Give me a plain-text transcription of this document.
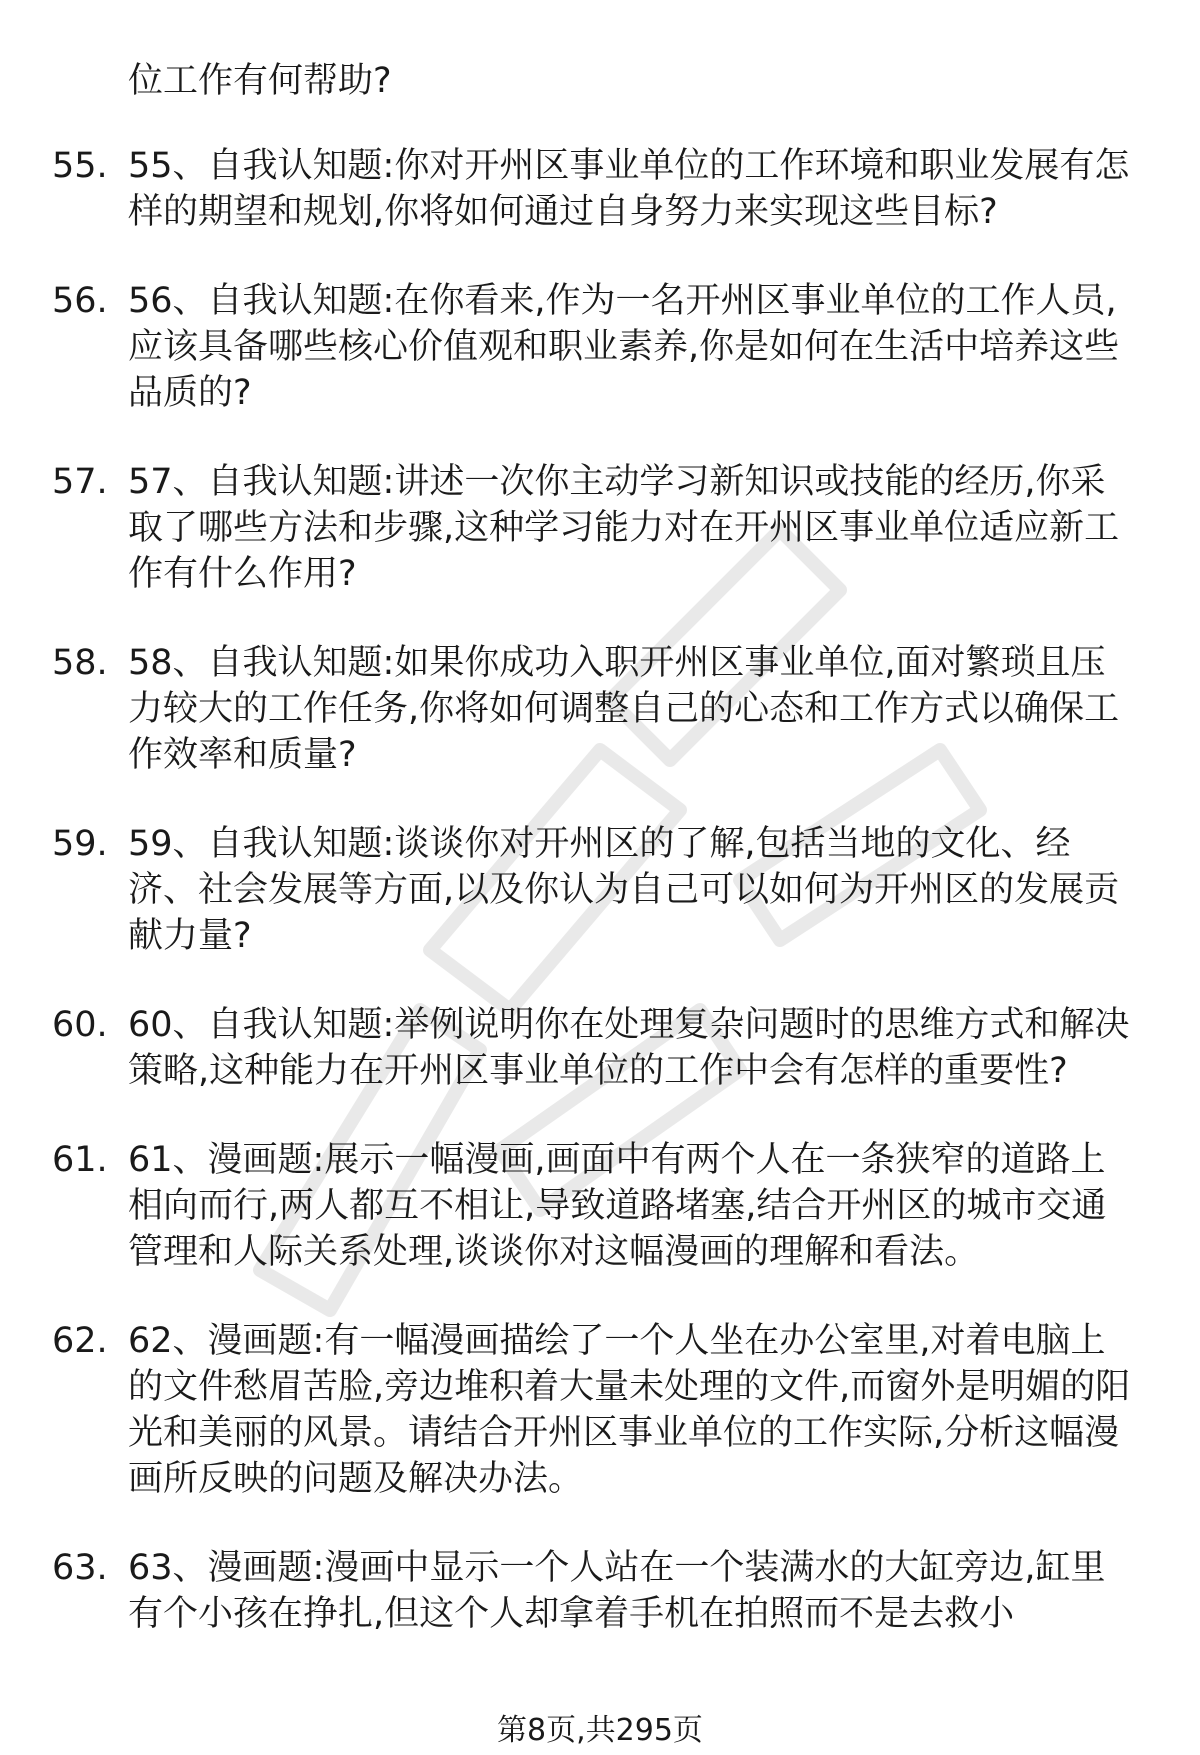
位工作有何帮助?

55. 55、自我认知题:你对开州区事业单位的工作环境和职业发展有怎样的期望和规划,你将如何通过自身努力来实现这些目标?
56. 56、自我认知题:在你看来,作为一名开州区事业单位的工作人员,应该具备哪些核心价值观和职业素养,你是如何在生活中培养这些品质的?
57. 57、自我认知题:讲述一次你主动学习新知识或技能的经历,你采取了哪些方法和步骤,这种学习能力对在开州区事业单位适应新工作有什么作用?
58. 58、自我认知题:如果你成功入职开州区事业单位,面对繁琐且压力较大的工作任务,你将如何调整自己的心态和工作方式以确保工作效率和质量?
59. 59、自我认知题:谈谈你对开州区的了解,包括当地的文化、经济、社会发展等方面,以及你认为自己可以如何为开州区的发展贡献力量?
60. 60、自我认知题:举例说明你在处理复杂问题时的思维方式和解决策略,这种能力在开州区事业单位的工作中会有怎样的重要性?
61. 61、漫画题:展示一幅漫画,画面中有两个人在一条狭窄的道路上相向而行,两人都互不相让,导致道路堵塞,结合开州区的城市交通管理和人际关系处理,谈谈你对这幅漫画的理解和看法。
62. 62、漫画题:有一幅漫画描绘了一个人坐在办公室里,对着电脑上的文件愁眉苦脸,旁边堆积着大量未处理的文件,而窗外是明媚的阳光和美丽的风景。请结合开州区事业单位的工作实际,分析这幅漫画所反映的问题及解决办法。
63. 63、漫画题:漫画中显示一个人站在一个装满水的大缸旁边,缸里有个小孩在挣扎,但这个人却拿着手机在拍照而不是去救小
第8页,共295页
